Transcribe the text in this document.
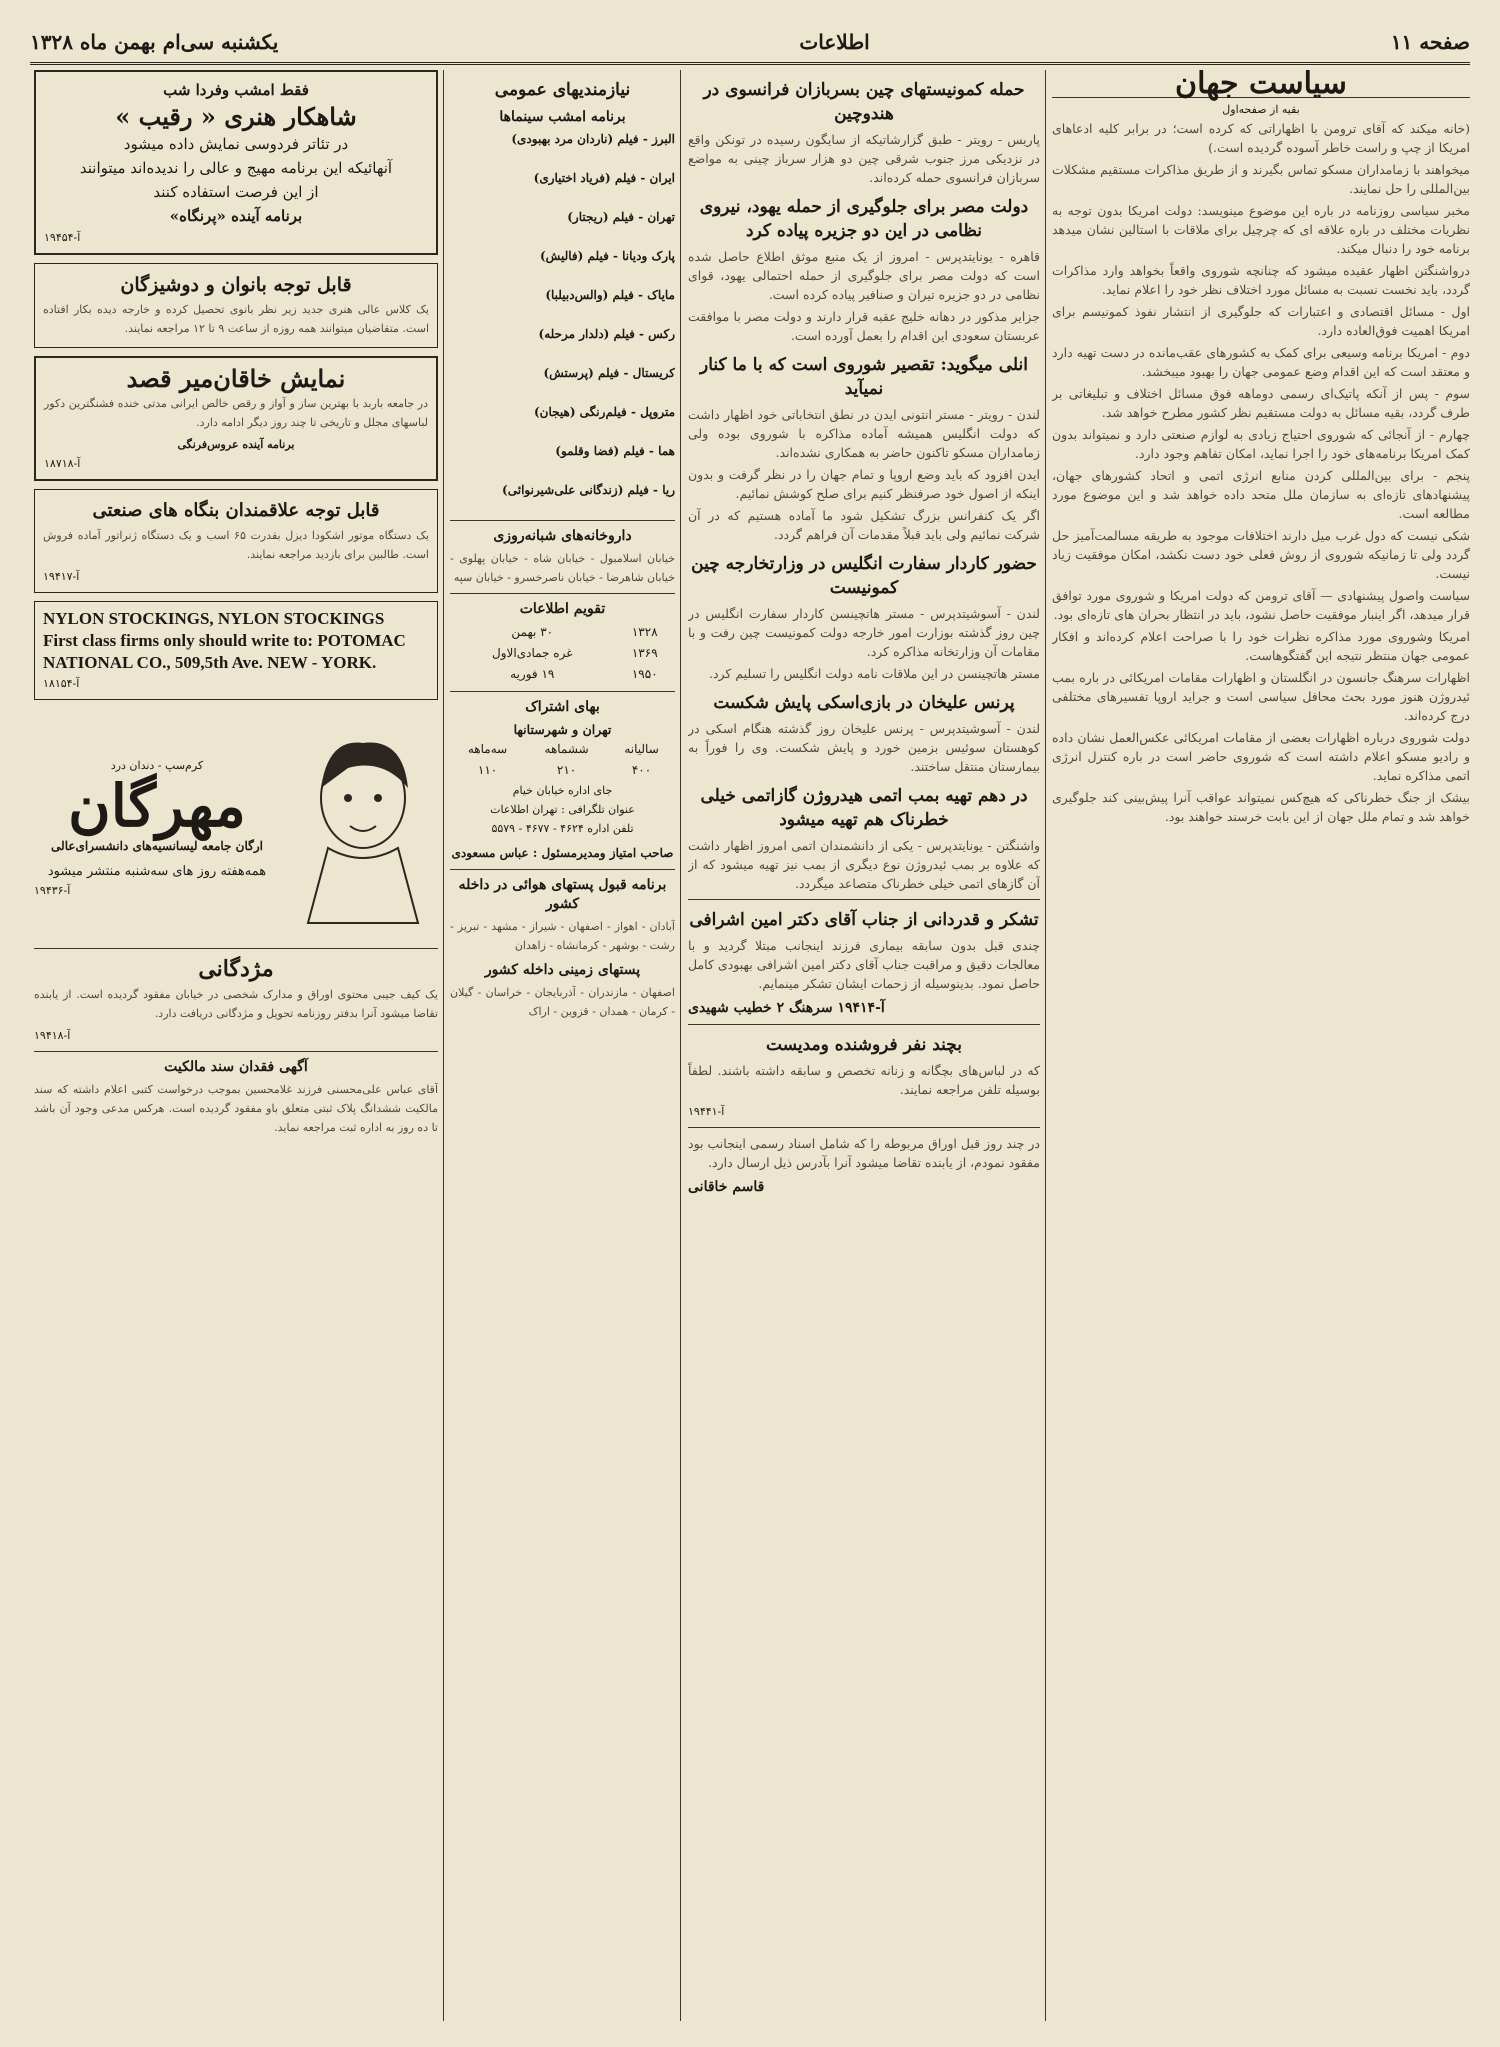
صفحه ۱۱
اطلاعات
یکشنبه سی‌ام بهمن ماه ۱۳۲۸
سیاست جهان
بقیه از صفحه‌اول

(خانه میکند که آقای ترومن با اظهاراتی که کرده است؛ در برابر کلیه ادعاهای امریکا از چپ و راست خاطر آسوده گردیده است.)

میخواهند با زمامداران مسکو تماس بگیرند و از طریق مذاکرات مستقیم مشکلات بین‌المللی را حل نمایند.

مخبر سیاسی روزنامه در باره این موضوع مینویسد: دولت امریکا بدون توجه به نظریات مختلف در باره علاقه ای که چرچیل برای ملاقات با استالین نشان میدهد برنامه خود را دنبال میکند.

درواشنگتن اظهار عقیده میشود که چنانچه شوروی واقعاً بخواهد وارد مذاکرات گردد، باید نخست نسبت به مسائل مورد اختلاف نظر خود را اعلام نماید.

اول - مسائل اقتصادی و اعتبارات که جلوگیری از انتشار نفوذ کمونیسم برای امریکا اهمیت فوق‌العاده دارد.

دوم - امریکا برنامه وسیعی برای کمک به کشورهای عقب‌مانده در دست تهیه دارد و معتقد است که این اقدام وضع عمومی جهان را بهبود میبخشد.

سوم - پس از آنکه پاتیک‌ای رسمی دوماهه فوق مسائل اختلاف و تبلیغاتی بر طرف گردد، بقیه مسائل به دولت مستقیم نظر کشور مطرح خواهد شد.

چهارم - از آنجائی که شوروی احتیاج زیادی به لوازم صنعتی دارد و نمیتواند بدون کمک امریکا برنامه‌های خود را اجرا نماید، امکان تفاهم وجود دارد.

پنجم - برای بین‌المللی کردن منابع انرژی اتمی و اتحاد کشورهای جهان، پیشنهاد‌های تازه‌ای به سازمان ملل متحد داده خواهد شد و این موضوع مورد مطالعه است.

شکی نیست که دول غرب میل دارند اختلافات موجود به طریقه مسالمت‌آمیز حل گردد ولی تا زمانیکه شوروی از روش فعلی خود دست نکشد، امکان موفقیت زیاد نیست.

سیاست واصول پیشنهادی — آقای ترومن که دولت امریکا و شوروی مورد توافق قرار میدهد، اگر اینبار موفقیت حاصل نشود، باید در انتظار بحران های تازه‌ای بود.

امریکا وشوروی مورد مذاکره نظرات خود را با صراحت اعلام کرده‌اند و افکار عمومی جهان منتظر نتیجه این گفتگوهاست.

اظهارات سرهنگ جانسون در انگلستان و اظهارات مقامات امریکائی در باره بمب ئیدروژن هنوز مورد بحث محافل سیاسی است و جراید اروپا تفسیرهای مختلفی درج کرده‌اند.

دولت شوروی درباره اظهارات بعضی از مقامات امریکائی عکس‌العمل نشان داده و رادیو مسکو اعلام داشته است که شوروی حاضر است در باره کنترل انرژی اتمی مذاکره نماید.

بیشک از جنگ خطرناکی که هیچ‌کس نمیتواند عواقب آنرا پیش‌بینی کند جلوگیری خواهد شد و تمام ملل جهان از این بابت خرسند خواهند بود.

حمله کمونیستهای چین بسربازان فرانسوی در هندوچین

پاریس - رویتر - طبق گزارشاتیکه از سایگون رسیده در تونکن واقع در نزدیکی مرز جنوب شرقی چین دو هزار سرباز چینی به مواضع سربازان فرانسوی حمله کرده‌اند.

دولت مصر برای جلوگیری از حمله یهود، نیروی نظامی در این دو جزیره پیاده کرد

قاهره - یونایتدپرس - امروز از یک منبع موثق اطلاع حاصل شده است که دولت مصر برای جلوگیری از حمله احتمالی یهود، قوای نظامی در دو جزیره تیران و صنافیر پیاده کرده است.

جزایر مذکور در دهانه خلیج عقبه قرار دارند و دولت مصر با موافقت عربستان سعودی این اقدام را بعمل آورده است.

انلی میگوید: تقصیر شوروی است که با ما کنار نمیآید

لندن - رویتر - مستر انتونی ایدن در نطق انتخاباتی خود اظهار داشت که دولت انگلیس همیشه آماده مذاکره با شوروی بوده ولی زمامداران مسکو تاکنون حاضر به همکاری نشده‌اند.

ایدن افزود که باید وضع اروپا و تمام جهان را در نظر گرفت و بدون اینکه از اصول خود صرفنظر کنیم برای صلح کوشش نمائیم.

اگر یک کنفرانس بزرگ تشکیل شود ما آماده هستیم که در آن شرکت نمائیم ولی باید قبلاً مقدمات آن فراهم گردد.

حضور کاردار سفارت انگلیس در وزارتخارجه چین کمونیست

لندن - آسوشیتدپرس - مستر هاتچینسن کاردار سفارت انگلیس در چین روز گذشته بوزارت امور خارجه دولت کمونیست چین رفت و با مقامات آن وزارتخانه مذاکره کرد.

مستر هاتچینسن در این ملاقات نامه دولت انگلیس را تسلیم کرد.

پرنس علیخان در بازی‌اسکی پایش شکست

لندن - آسوشیتدپرس - پرنس علیخان روز گذشته هنگام اسکی در کوهستان سوئیس بزمین خورد و پایش شکست. وی را فوراً به بیمارستان منتقل ساختند.

در دهم تهیه بمب اتمی هیدروژن گازاتمی خیلی خطرناک هم تهیه میشود

واشنگتن - یونایتدپرس - یکی از دانشمندان اتمی امروز اظهار داشت که علاوه بر بمب ئیدروژن نوع دیگری از بمب نیز تهیه میشود که از آن گازهای اتمی خیلی خطرناک متصاعد میگردد.

تشکر و قدردانی از جناب آقای دکتر امین اشرافی

چندی قبل بدون سابقه بیماری فرزند اینجانب مبتلا گردید و با معالجات دقیق و مراقبت جناب آقای دکتر امین اشرافی بهبودی کامل حاصل نمود. بدینوسیله از زحمات ایشان تشکر مینمایم.

آ-۱۹۴۱۴ سرهنگ ۲ خطیب شهیدی
بچند نفر فروشنده ومدیست

که در لباس‌های بچگانه و زنانه تخصص و سابقه داشته باشند. لطفاً بوسیله تلفن مراجعه نمایند.

آ-۱۹۴۴۱

در چند روز قبل اوراق مربوطه را که شامل اسناد رسمی اینجانب بود مفقود نمودم، از یابنده تقاضا میشود آنرا بآدرس ذیل ارسال دارد.

قاسم خاقانی
نیازمندیهای عمومی
برنامه امشب سینماها

البرز - فیلم (ناردان مرد بهبودی)

ایران - فیلم (فریاد اختیاری)

تهران - فیلم (ریجتار)

پارک ودیانا - فیلم (فالیش)

مایاک - فیلم (والس‌دبیلبا)

رکس - فیلم (دلدار مرحله)

کریستال - فیلم (پرستش)

متروپل - فیلم‌رنگی (هیجان)

هما - فیلم (فضا وقلمو)

ریا - فیلم (زندگانی علی‌شیرنوائی)

داروخانه‌های شبانه‌روزی

خیابان اسلامبول - خیابان شاه - خیابان پهلوی - خیابان شاهرضا - خیابان ناصرخسرو - خیابان سپه

تقویم اطلاعات
۱۳۲۸	۳۰ بهمن
۱۳۶۹	غره جمادی‌الاول
۱۹۵۰	۱۹ فوریه
بهای اشتراک
تهران و شهرستانها
ساليانه	ششماهه	سه‌ماهه
۴۰۰	۲۱۰	۱۱۰
جای اداره خیابان خیام
عنوان تلگرافی : تهران اطلاعات
تلفن اداره ۴۶۲۴ - ۴۶۷۷ - ۵۵۷۹
صاحب امتیاز ومدیرمسئول : عباس مسعودی
برنامه قبول پستهای هوائی در داخله کشور

آبادان - اهواز - اصفهان - شیراز - مشهد - تبریز - رشت - بوشهر - کرمانشاه - زاهدان

پستهای زمینی داخله کشور

اصفهان - مازندران - آذربایجان - خراسان - گیلان - کرمان - همدان - قزوین - اراک

فقط امشب وفردا شب
شاهکار هنری « رقیب »
در تئاتر فردوسی نمایش داده میشود
آنهائیکه این برنامه مهیج و عالی را ندیده‌اند میتوانند
از این فرصت استفاده کنند
برنامه آینده «پرنگاه»
آ-۱۹۴۵۴
قابل توجه بانوان و دوشیزگان

یک کلاس عالی هنری جدید زیر نظر بانوی تحصیل کرده و خارجه دیده بکار افتاده است. متقاضیان میتوانند همه روزه از ساعت ۹ تا ۱۲ مراجعه نمایند.

نمایش خاقان‌میر قصد

در جامعه باربد با بهترین ساز و آواز و رقص خالص ایرانی مدتی خنده فشنگترین دکور لباسهای مجلل و تاریخی تا چند روز دیگر ادامه دارد.

برنامه آینده عروس‌فرنگی
آ-۱۸۷۱۸
قابل توجه علاقمندان بنگاه های صنعتی

یک دستگاه موتور اشکودا دیزل بقدرت ۶۵ اسب و یک دستگاه ژنراتور آماده فروش است. طالبین برای بازدید مراجعه نمایند.

آ-۱۹۴۱۷
NYLON STOCKINGS, NYLON STOCKINGS
First class firms only should write to: POTOMAC
NATIONAL CO., 509,5th Ave. NEW - YORK.
آ-۱۸۱۵۴
کرم‌سپ - دندان درد
مهرگان
ارگان جامعه لیسانسیه‌های دانشسرای‌عالی
همه‌هفته روز های سه‌شنبه منتشر میشود
آ-۱۹۴۳۶
مژدگانی

یک کیف جیبی محتوی اوراق و مدارک شخصی در خیابان مفقود گردیده است. از یابنده تقاضا میشود آنرا بدفتر روزنامه تحویل و مژدگانی دریافت دارد.

آ-۱۹۴۱۸
آگهی فقدان سند مالکیت

آقای عباس علی‌محسنی فرزند غلامحسین بموجب درخواست کتبی اعلام داشته که سند مالکیت ششدانگ پلاک ثبتی متعلق باو مفقود گردیده است. هرکس مدعی وجود آن باشد تا ده روز به اداره ثبت مراجعه نماید.
